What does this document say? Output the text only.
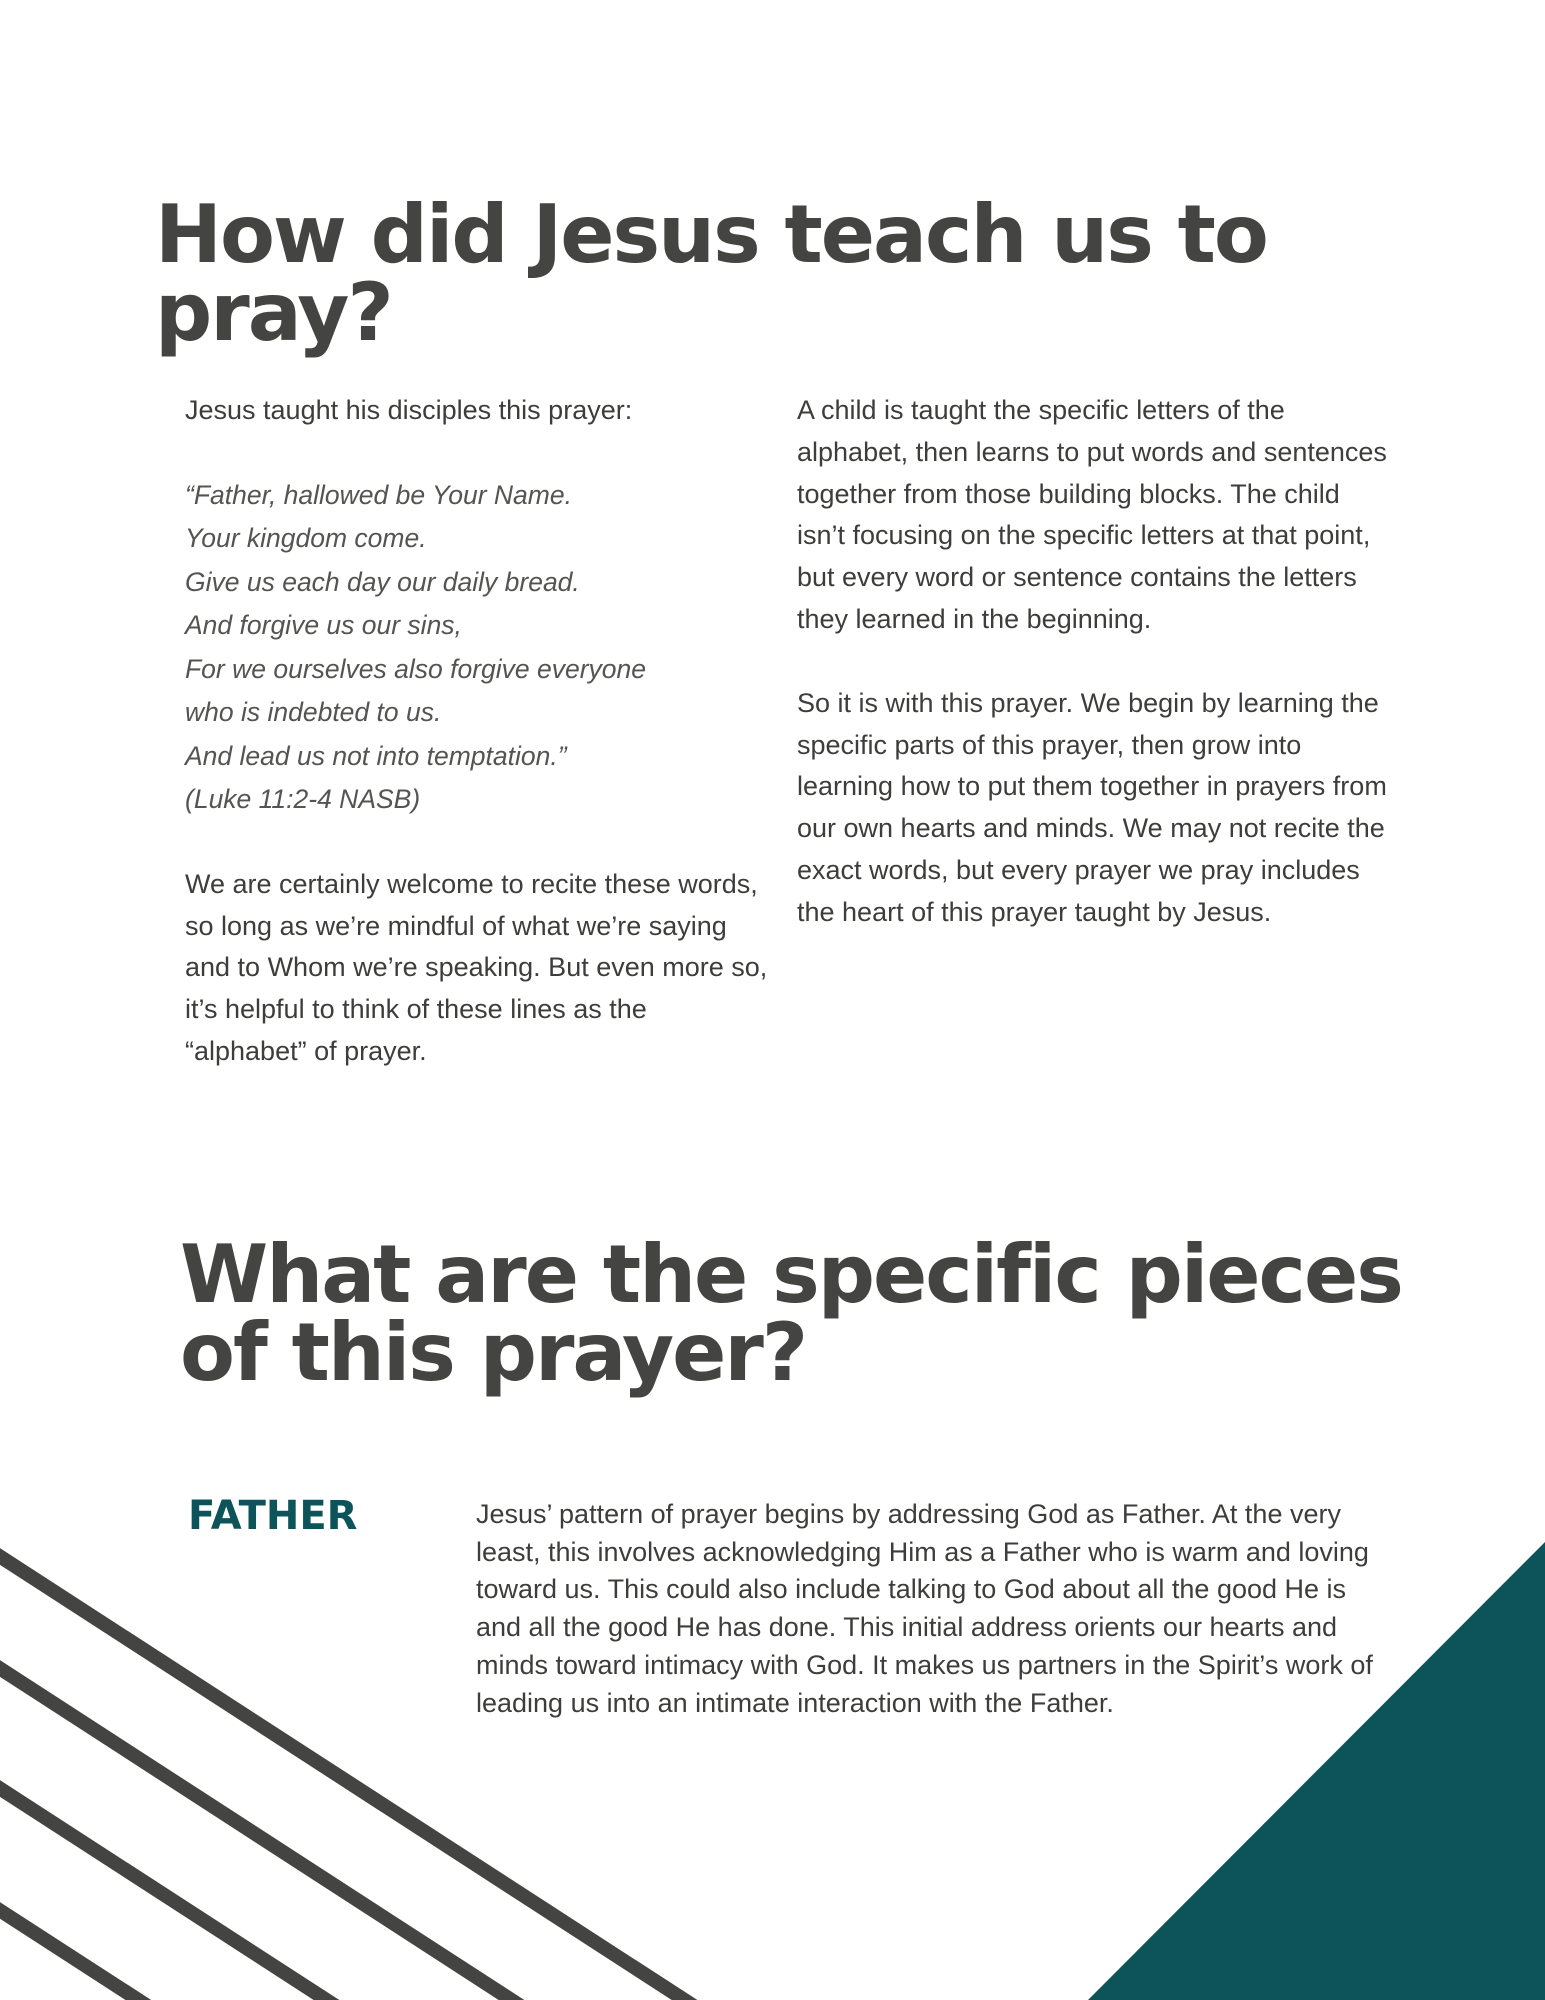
How did Jesus teach us to pray?

Jesus taught his disciples this prayer:

“Father, hallowed be Your Name.
Your kingdom come.
Give us each day our daily bread.
And forgive us our sins,
For we ourselves also forgive everyone
who is indebted to us.
And lead us not into temptation.”
(Luke 11:2-4 NASB)

We are certainly welcome to recite these words, so long as we’re mindful of what we’re saying and to Whom we’re speaking. But even more so, it’s helpful to think of these lines as the “alphabet” of prayer.

A child is taught the specific letters of the alphabet, then learns to put words and sentences together from those building blocks. The child isn’t focusing on the specific letters at that point, but every word or sentence contains the letters they learned in the beginning.

So it is with this prayer. We begin by learning the specific parts of this prayer, then grow into learning how to put them together in prayers from our own hearts and minds. We may not recite the exact words, but every prayer we pray includes the heart of this prayer taught by Jesus.

What are the specific pieces of this prayer?
FATHER	Jesus’ pattern of prayer begins by addressing God as Father. At the very least, this involves acknowledging Him as a Father who is warm and loving toward us. This could also include talking to God about all the good He is and all the good He has done. This initial address orients our hearts and minds toward intimacy with God. It makes us partners in the Spirit’s work of leading us into an intimate interaction with the Father.
